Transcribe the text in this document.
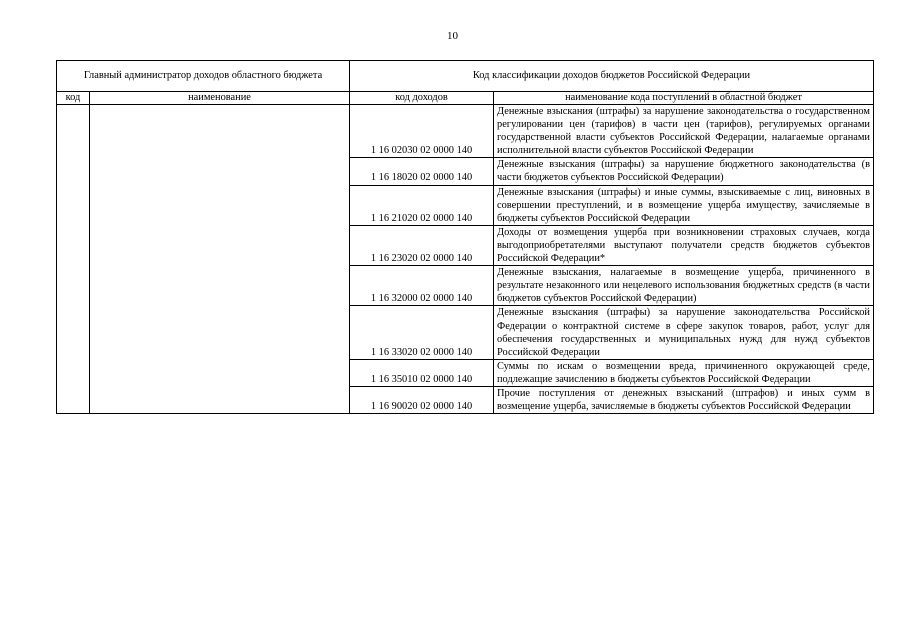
10
Главный администратор доходов областного бюджета		Код классификации доходов бюджетов Российской Федерации	
код	наименование	код доходов	наименование кода поступлений в областной бюджет
		1 16 02030 02 0000 140	Денежные взыскания (штрафы) за нарушение законодательства о государственном регулировании цен (тарифов) в части цен (тарифов), регулируемых органами государственной власти субъектов Российской Федерации, налагаемые органами исполнительной власти субъектов Российской Федерации
		1 16 18020 02 0000 140	Денежные взыскания (штрафы) за нарушение бюджетного законодательства (в части бюджетов субъектов Российской Федерации)
		1 16 21020 02 0000 140	Денежные взыскания (штрафы) и иные суммы, взыскиваемые с лиц, виновных в совершении преступлений, и в возмещение ущерба имуществу, зачисляемые в бюджеты субъектов Российской Федерации
		1 16 23020 02 0000 140	Доходы от возмещения ущерба при возникновении страховых случаев, когда выгодоприобретателями выступают получатели средств бюджетов субъектов Российской Федерации*
		1 16 32000 02 0000 140	Денежные взыскания, налагаемые в возмещение ущерба, причиненного в результате незаконного или нецелевого использования бюджетных средств (в части бюджетов субъектов Российской Федерации)
		1 16 33020 02 0000 140	Денежные взыскания (штрафы) за нарушение законодательства Российской Федерации о контрактной системе в сфере закупок товаров, работ, услуг для обеспечения государственных и муниципальных нужд для нужд субъектов Российской Федерации
		1 16 35010 02 0000 140	Суммы по искам о возмещении вреда, причиненного окружающей среде, подлежащие зачислению в бюджеты субъектов Российской Федерации
		1 16 90020 02 0000 140	Прочие поступления от денежных взысканий (штрафов) и иных сумм в возмещение ущерба, зачисляемые в бюджеты субъектов Российской Федерации
